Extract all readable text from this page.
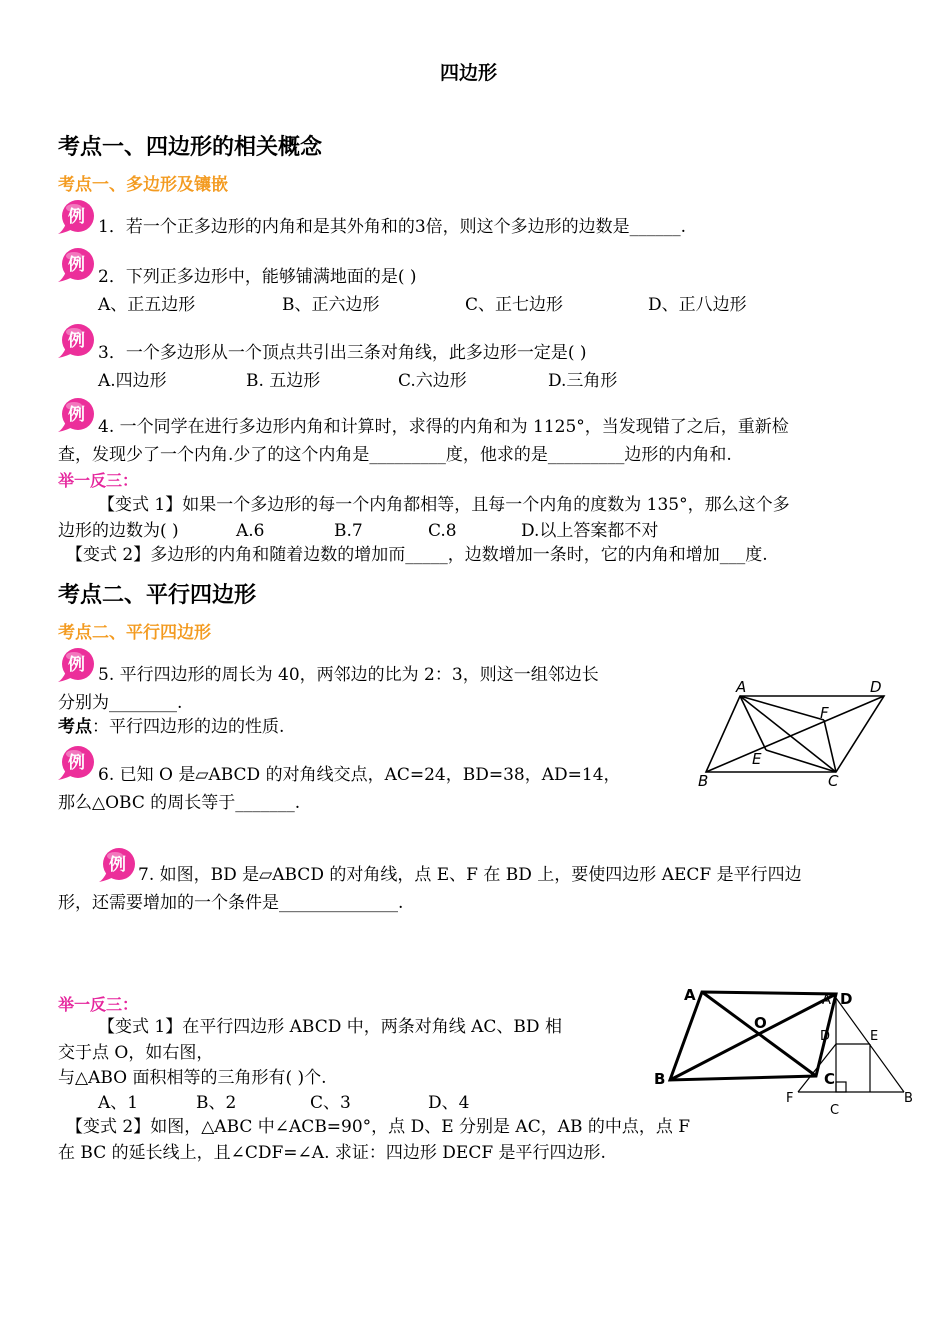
四边形
考点一、四边形的相关概念
考点一、多边形及镶嵌
例
例
例
例
1．若一个正多边形的内角和是其外角和的3倍，则这个多边形的边数是______.
2．下列正多边形中，能够铺满地面的是( )
A、正五边形	B、正六边形	C、正七边形	D、正八边形
3．一个多边形从一个顶点共引出三条对角线，此多边形一定是( )
A.四边形	B. 五边形	C.六边形	D.三角形
4. 一个同学在进行多边形内角和计算时，求得的内角和为 1125°，当发现错了之后，重新检
查，发现少了一个内角.少了的这个内角是_________度，他求的是_________边形的内角和.
举一反三：
【变式 1】如果一个多边形的每一个内角都相等，且每一个内角的度数为 135°，那么这个多
边形的边数为( )	A.6	B.7	C.8	D.以上答案都不对
【变式 2】多边形的内角和随着边数的增加而_____，边数增加一条时，它的内角和增加___度.
考点二、平行四边形
考点二、平行四边形
例 5. 平行四边形的周长为 40，两邻边的比为 2：3，则这一组邻边长
分别为________.
考点：平行四边形的边的性质.
例
6. 已知 O 是▱ABCD 的对角线交点，AC=24，BD=38，AD=14，
那么△OBC 的周长等于_______.
例 7. 如图，BD 是▱ABCD 的对角线，点 E、F 在 BD 上，要使四边形 AECF 是平行四边
形，还需要增加的一个条件是______________.
举一反三：
【变式 1】在平行四边形 ABCD 中，两条对角线 AC、BD 相
交于点 O，如右图，
与△ABO 面积相等的三角形有( )个.
A、1	B、2	C、3	D、4
【变式 2】如图，△ABC 中∠ACB=90°，点 D、E 分别是 AC，AB 的中点，点 F
在 BC 的延长线上，且∠CDF=∠A. 求证：四边形 DECF 是平行四边形.
A	D
B	C
E
F
A
B
O
A D
D	E
C
F
C
B
